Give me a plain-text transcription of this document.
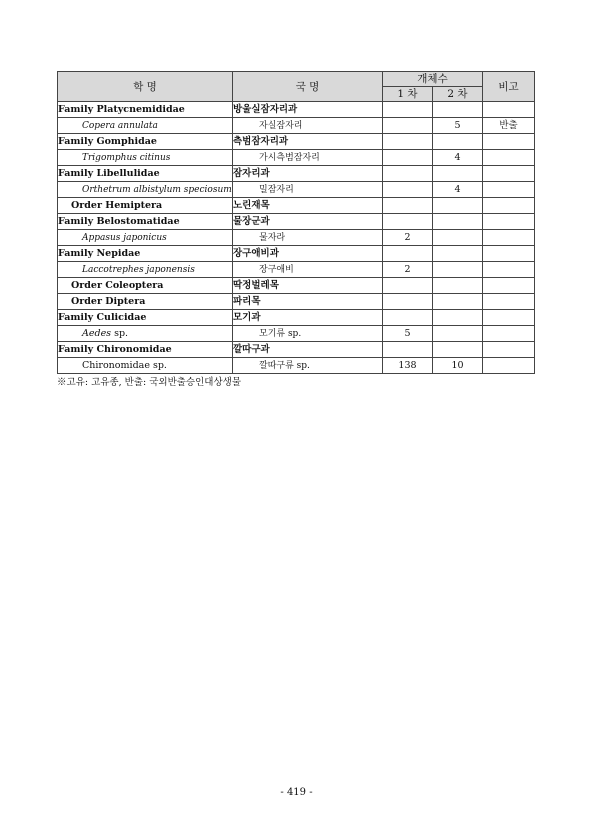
학 명	국 명	개체수		비고
		1 차	2 차	
Family Platycnemididae	방울실잠자리과			
Copera annulata	자실잠자리		5	반출
Family Gomphidae	측범잠자리과			
Trigomphus citinus	가시측범잠자리		4	
Family Libellulidae	잠자리과			
Orthetrum albistylum speciosum	밀잠자리		4	
Order Hemiptera	노린재목			
Family Belostomatidae	물장군과			
Appasus japonicus	물자라	2		
Family Nepidae	장구애비과			
Laccotrephes japonensis	장구애비	2		
Order Coleoptera	딱정벌레목			
Order Diptera	파리목			
Family Culicidae	모기과			
Aedes sp.	모기류 sp.	5		
Family Chironomidae	깔따구과			
Chironomidae sp.	깔따구류 sp.	138	10	
※고유: 고유종, 반출: 국외반출승인대상생물
- 419 -
